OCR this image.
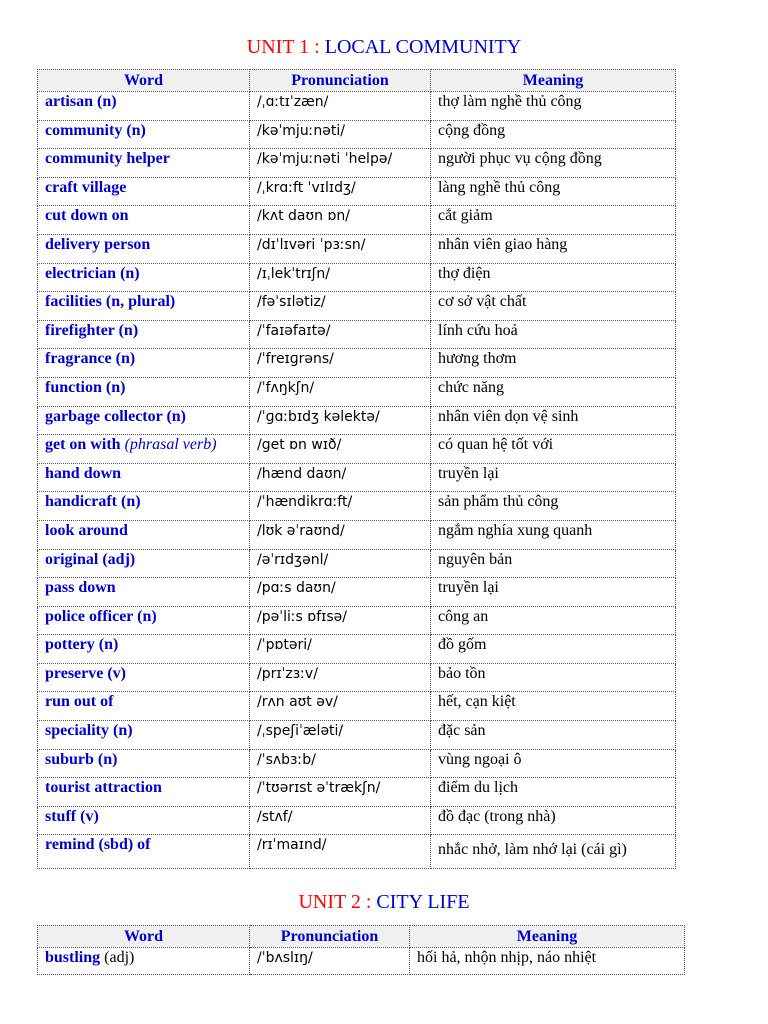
UNIT 1 : LOCAL COMMUNITY
Word	Pronunciation	Meaning
artisan (n)	/ˌɑːtɪˈzæn/	thợ làm nghề thủ công
community (n)	/kəˈmjuːnəti/	cộng đồng
community helper	/kəˈmjuːnəti ˈhelpə/	người phục vụ cộng đồng
craft village	/ˌkrɑːft ˈvɪlɪdʒ/	làng nghề thủ công
cut down on	/kʌt daʊn ɒn/	cắt giảm
delivery person	/dɪˈlɪvəri ˈpɜːsn/	nhân viên giao hàng
electrician (n)	/ɪˌlekˈtrɪʃn/	thợ điện
facilities (n, plural)	/fəˈsɪlətiz/	cơ sở vật chất
firefighter (n)	/ˈfaɪəfaɪtə/	lính cứu hoả
fragrance (n)	/ˈfreɪɡrəns/	hương thơm
function (n)	/ˈfʌŋkʃn/	chức năng
garbage collector (n)	/ˈɡɑːbɪdʒ kəlektə/	nhân viên dọn vệ sinh
get on with (phrasal verb)	/get ɒn wɪð/	có quan hệ tốt với
hand down	/hænd daʊn/	truyền lại
handicraft (n)	/ˈhændikrɑːft/	sản phẩm thủ công
look around	/lʊk əˈraʊnd/	ngắm nghía xung quanh
original (adj)	/əˈrɪdʒənl/	nguyên bản
pass down	/pɑːs daʊn/	truyền lại
police officer (n)	/pəˈliːs ɒfɪsə/	công an
pottery (n)	/ˈpɒtəri/	đồ gốm
preserve (v)	/prɪˈzɜːv/	bảo tồn
run out of	/rʌn aʊt əv/	hết, cạn kiệt
speciality (n)	/ˌspeʃiˈæləti/	đặc sản
suburb (n)	/ˈsʌbɜːb/	vùng ngoại ô
tourist attraction	/ˈtʊərɪst əˈtrækʃn/	điểm du lịch
stuff (v)	/stʌf/	đồ đạc (trong nhà)
remind (sbd) of	/rɪˈmaɪnd/	nhắc nhở, làm nhớ lại (cái gì)
UNIT 2 : CITY LIFE
Word	Pronunciation	Meaning
bustling (adj)	/ˈbʌslɪŋ/	hối hả, nhộn nhịp, náo nhiệt
